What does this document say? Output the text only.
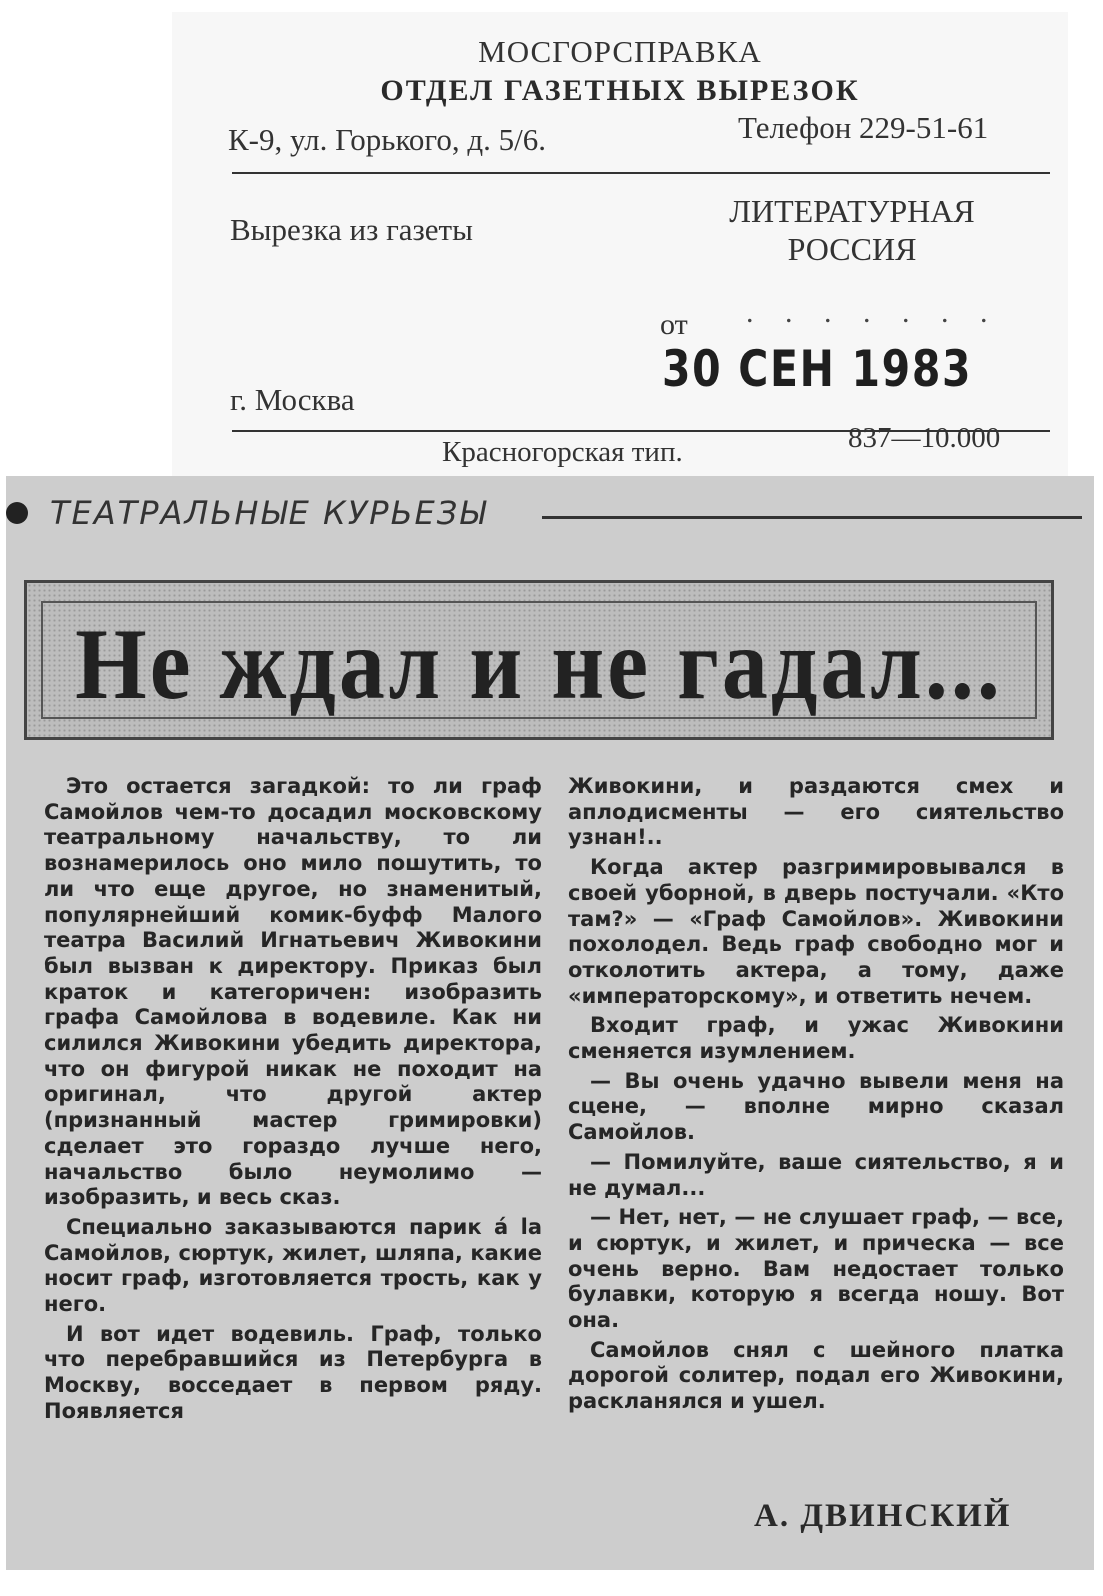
МОСГОРСПРАВКА
ОТДЕЛ ГАЗЕТНЫХ ВЫРЕЗОК
К-9, ул. Горького, д. 5/6.	Телефон 229-51-61
Вырезка из газеты
ЛИТЕРАТУРНАЯ РОССИЯ
от . . . . . . .
30 СЕН 1983
г. Москва
Красногорская тип.	837—10.000
ТЕАТРАЛЬНЫЕ КУРЬЕЗЫ
Не ждал и не гадал...

Это остается загадкой: то ли граф Самойлов чем-то досадил московскому театральному начальству, то ли вознамерилось оно мило пошутить, то ли что еще другое, но знаменитый, популярнейший комик-буфф Малого театра Василий Игнатьевич Живокини был вызван к директору. Приказ был краток и категоричен: изобразить графа Самойлова в водевиле. Как ни силился Живокини убедить директора, что он фигурой никак не походит на оригинал, что другой актер (признанный мастер гримировки) сделает это гораздо лучше него, начальство было неумолимо — изобразить, и весь сказ.

Специально заказываются парик á la Самойлов, сюртук, жилет, шляпа, какие носит граф, изготовляется трость, как у него.

И вот идет водевиль. Граф, только что перебравшийся из Петербурга в Москву, восседает в первом ряду. Появляется

Живокини, и раздаются смех и аплодисменты — его сиятельство узнан!..

Когда актер разгримировывался в своей уборной, в дверь постучали. «Кто там?» — «Граф Самойлов». Живокини похолодел. Ведь граф свободно мог и отколотить актера, а тому, даже «императорскому», и ответить нечем.

Входит граф, и ужас Живокини сменяется изумлением.

— Вы очень удачно вывели меня на сцене, — вполне мирно сказал Самойлов.

— Помилуйте, ваше сиятельство, я и не думал...

— Нет, нет, — не слушает граф, — все, и сюртук, и жилет, и прическа — все очень верно. Вам недостает только булавки, которую я всегда ношу. Вот она.

Самойлов снял с шейного платка дорогой солитер, подал его Живокини, раскланялся и ушел.

А. ДВИНСКИЙ
